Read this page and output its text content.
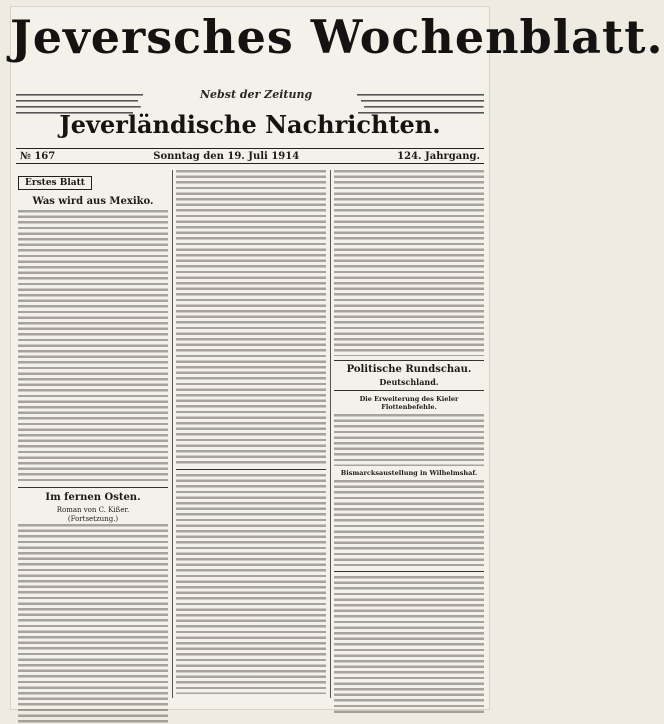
Jeversches Wochenblatt.
Nebst der Zeitung
Jeverländische Nachrichten.
№ 167	Sonntag den 19. Juli 1914	124. Jahrgang.
Erstes Blatt
Was wird aus Mexiko.
Im fernen Osten.
Roman von C. Kißer.
(Fortsetzung.)
Politische Rundschau.
Deutschland.
Die Erweiterung des Kieler Flottenbefehle.
Bismarcksaustellung in Wilhelmshaf.
